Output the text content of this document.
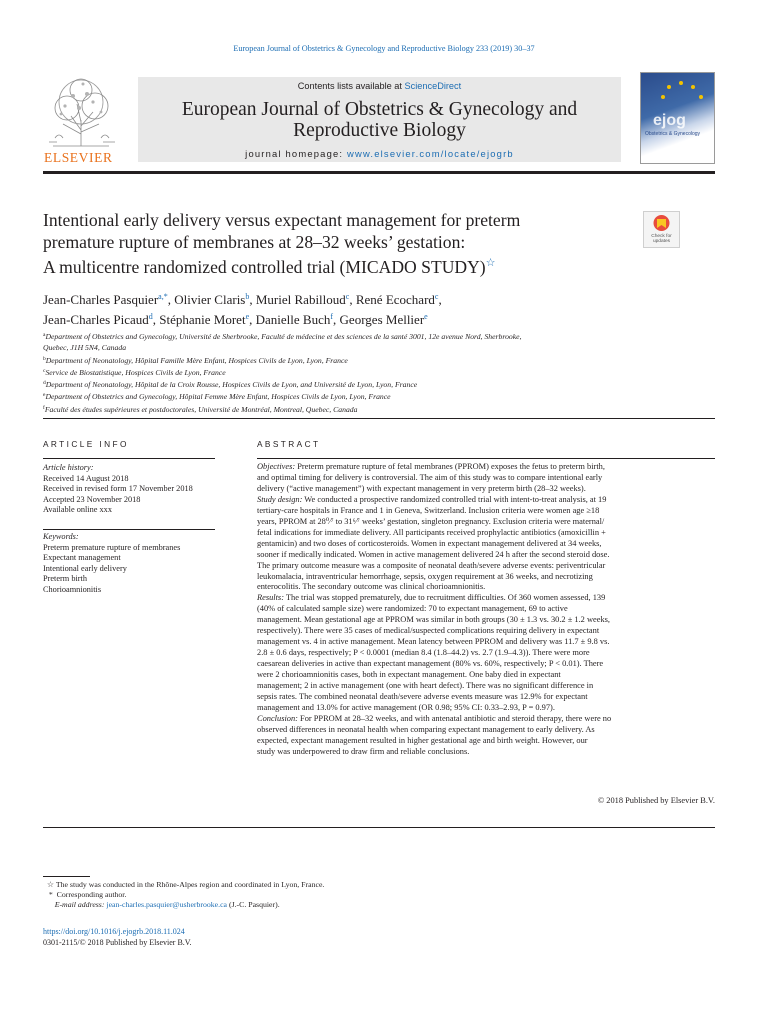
European Journal of Obstetrics & Gynecology and Reproductive Biology 233 (2019) 30–37
ELSEVIER
Contents lists available at ScienceDirect
European Journal of Obstetrics & Gynecology and
Reproductive Biology
journal homepage: www.elsevier.com/locate/ejogrb
ejog
Obstetrics & Gynecology
Intentional early delivery versus expectant management for preterm
premature rupture of membranes at 28–32 weeks’ gestation:
A multicentre randomized controlled trial (MICADO STUDY)☆
Check for updates
Jean-Charles Pasquier$^{a,*}$, Olivier Claris$^b$, Muriel Rabilloud$^c$, René Ecochard$^c$,
Jean-Charles Picaud$^d$, Stéphanie Moret$^e$, Danielle Buch$^f$, Georges Mellier$^e$
$^a$Department of Obstetrics and Gynecology, Université de Sherbrooke, Faculté de médecine et des sciences de la santé 3001, 12e avenue Nord, Sherbrooke,
Quebec, J1H 5N4, Canada
$^b$Department of Neonatology, Hôpital Famille Mère Enfant, Hospices Civils de Lyon, Lyon, France
$^c$Service de Biostatistique, Hospices Civils de Lyon, France
$^d$Department of Neonatology, Hôpital de la Croix Rousse, Hospices Civils de Lyon, and Université de Lyon, Lyon, France
$^e$Department of Obstetrics and Gynecology, Hôpital Femme Mère Enfant, Hospices Civils de Lyon, Lyon, France
$^f$Faculté des études supérieures et postdoctorales, Université de Montréal, Montreal, Quebec, Canada
ARTICLE INFO
Article history:
Received 14 August 2018
Received in revised form 17 November 2018
Accepted 23 November 2018
Available online xxx
Keywords:
Preterm premature rupture of membranes
Expectant management
Intentional early delivery
Preterm birth
Chorioamnionitis
ABSTRACT
Objectives: Preterm premature rupture of fetal membranes (PPROM) exposes the fetus to preterm birth,
and optimal timing for delivery is controversial. The aim of this study was to compare intentional early
delivery (“active management”) with expectant management in very preterm birth (28–32 weeks).
Study design: We conducted a prospective randomized controlled trial with intent-to-treat analysis, at 19
tertiary-care hospitals in France and 1 in Geneva, Switzerland. Inclusion criteria were women age ≥18
years, PPROM at 28⁰⁄⁷ to 31⁶⁄⁷ weeks’ gestation, singleton pregnancy. Exclusion criteria were maternal/
fetal indications for immediate delivery. All participants received prophylactic antibiotics (amoxicillin +
gentamicin) and two doses of corticosteroids. Women in expectant management delivered at 34 weeks,
sooner if medically indicated. Women in active management delivered 24 h after the second steroid dose.
The primary outcome measure was a composite of neonatal death/severe adverse events: periventricular
leukomalacia, intraventricular hemorrhage, sepsis, oxygen requirement at 36 weeks, and necrotizing
enterocolitis. The secondary outcome was clinical chorioamnionitis.
Results: The trial was stopped prematurely, due to recruitment difficulties. Of 360 women assessed, 139
(40% of calculated sample size) were randomized: 70 to expectant management, 69 to active
management. Mean gestational age at PPROM was similar in both groups (30 ± 1.3 vs. 30.2 ± 1.2 weeks,
respectively). There were 35 cases of medical/suspected complications requiring delivery in expectant
management vs. 4 in active management. Mean latency between PPROM and delivery was 11.7 ± 9.8 vs.
2.8 ± 0.6 days, respectively; P < 0.0001 (median 8.4 (1.8–44.2) vs. 2.7 (1.9–4.3)). There were more
caesarean deliveries in active than expectant management (80% vs. 60%, respectively; P < 0.01). There
were 2 chorioamnionitis cases, both in expectant management. One baby died in expectant
management; 2 in active management (one with heart defect). There was no significant difference in
sepsis rates. The combined neonatal death/severe adverse events measure was 12.9% for expectant
management and 13.0% for active management (OR 0.98; 95% CI: 0.33–2.93, P = 0.97).
Conclusion: For PPROM at 28–32 weeks, and with antenatal antibiotic and steroid therapy, there were no
observed differences in neonatal health when comparing expectant management to early delivery. As
expected, expectant management resulted in higher gestational age and birth weight. However, our
study was underpowered to draw firm and reliable conclusions.
© 2018 Published by Elsevier B.V.
☆ The study was conducted in the Rhône-Alpes region and coordinated in Lyon, France.
* Corresponding author.
E-mail address: jean-charles.pasquier@usherbrooke.ca (J.-C. Pasquier).
https://doi.org/10.1016/j.ejogrb.2018.11.024
0301-2115/© 2018 Published by Elsevier B.V.
